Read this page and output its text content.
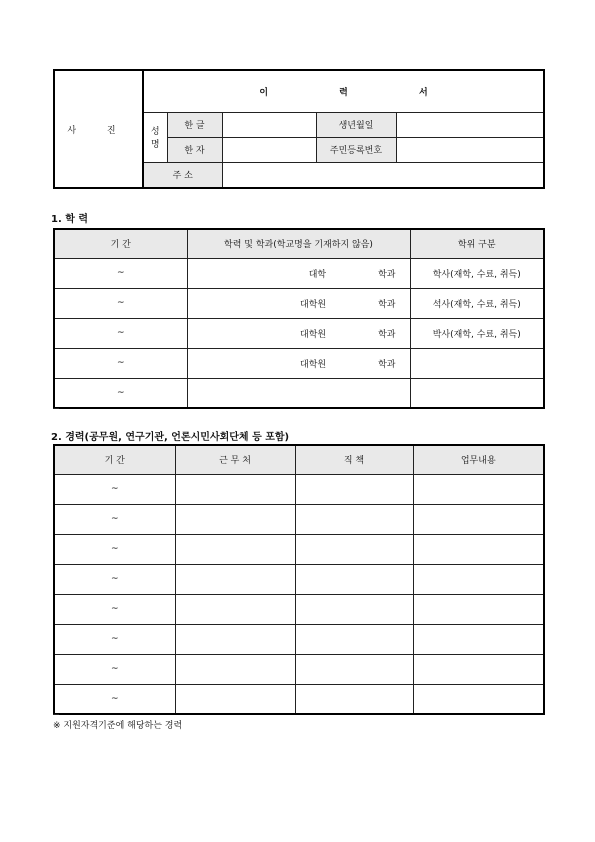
사 진	이 력 서				
	성명	한 글		생년월일	
		한 자		주민등록번호	
	주 소				
1. 학 력
기 간	학력 및 학과(학교명을 기재하지 않음)	학위 구분
~	대학 학과	학사(재학, 수료, 취득)
~	대학원 학과	석사(재학, 수료, 취득)
~	대학원 학과	박사(재학, 수료, 취득)
~	대학원 학과	
~		
2. 경력(공무원, 연구기관, 언론시민사회단체 등 포함)
기 간	근 무 처	직 책	업무내용
~			
~			
~			
~			
~			
~			
~			
~			
※ 지원자격기준에 해당하는 경력
